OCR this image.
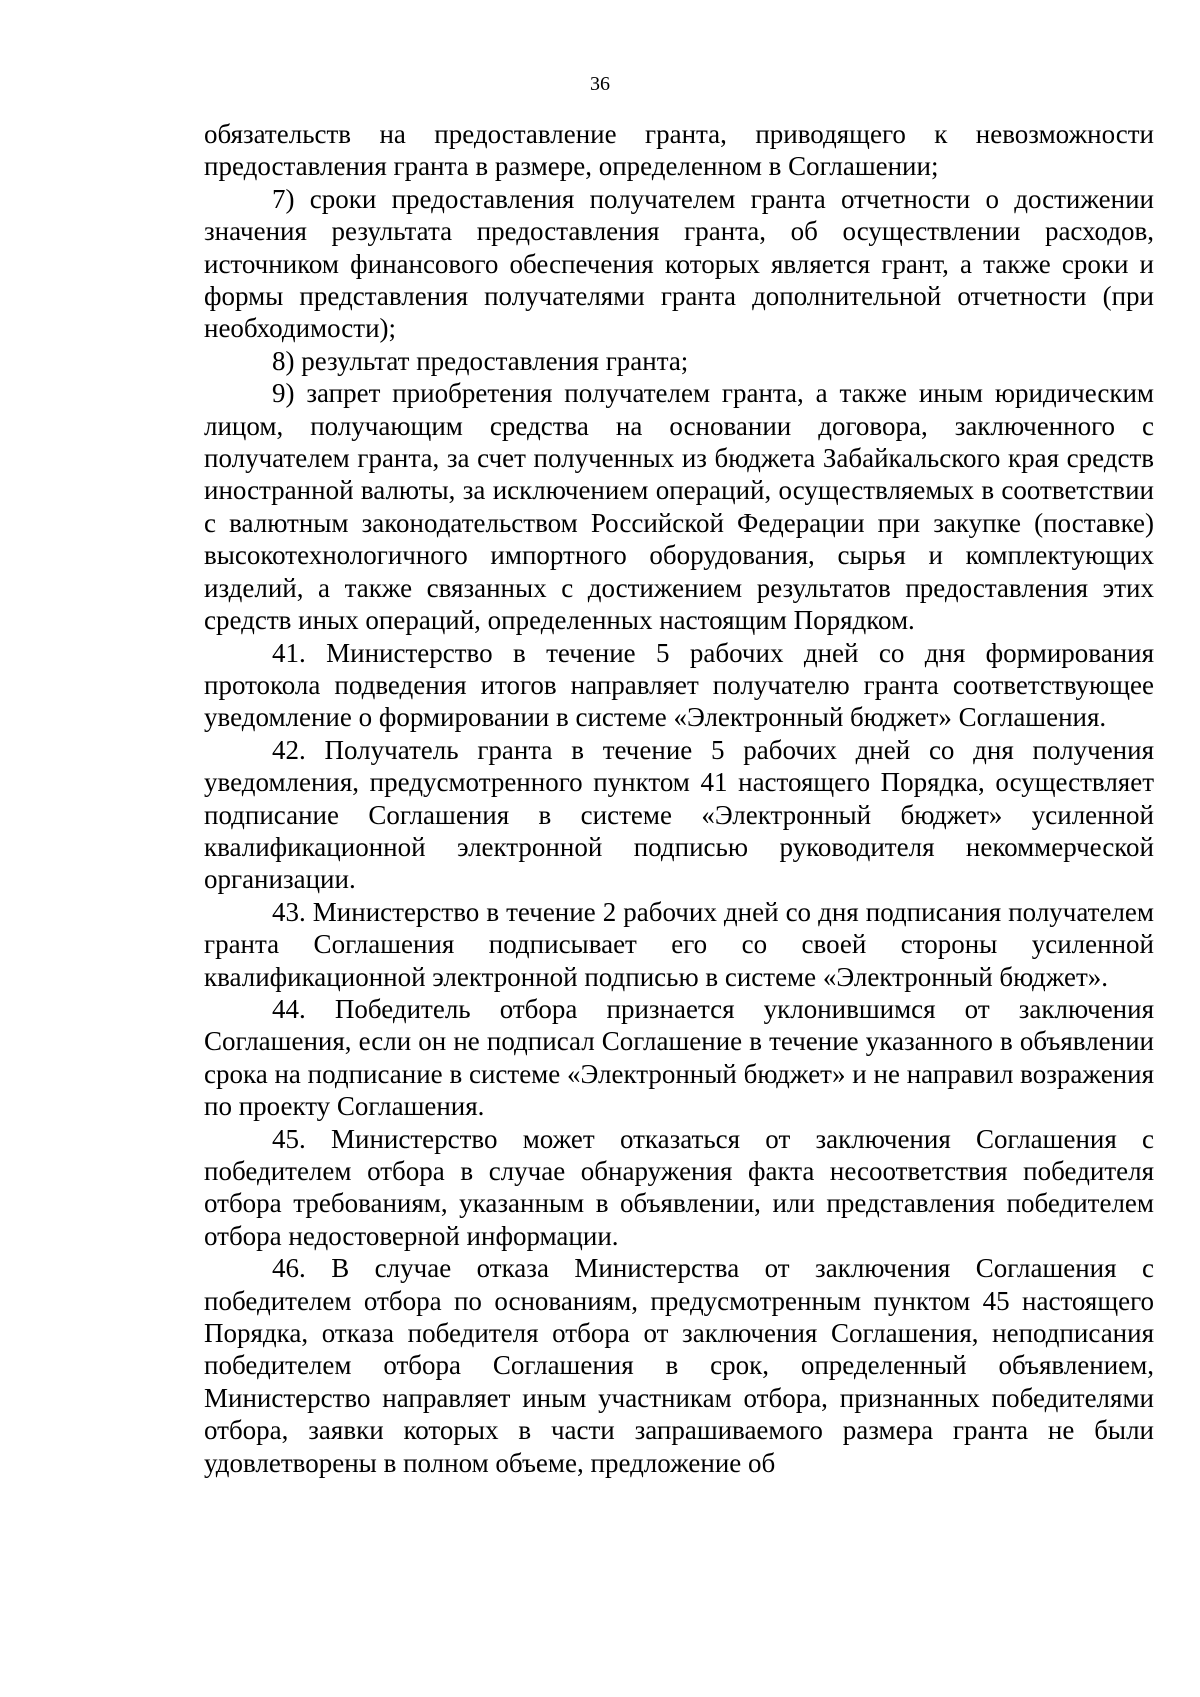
36

обязательств на предоставление гранта, приводящего к невозможности предоставления гранта в размере, определенном в Соглашении;

7) сроки предоставления получателем гранта отчетности о достижении значения результата предоставления гранта, об осуществлении расходов, источником финансового обеспечения которых является грант, а также сроки и формы представления получателями гранта дополнительной отчетности (при необходимости);

8) результат предоставления гранта;

9) запрет приобретения получателем гранта, а также иным юридическим лицом, получающим средства на основании договора, заключенного с получателем гранта, за счет полученных из бюджета Забайкальского края средств иностранной валюты, за исключением операций, осуществляемых в соответствии с валютным законодательством Российской Федерации при закупке (поставке) высокотехнологичного импортного оборудования, сырья и комплектующих изделий, а также связанных с достижением результатов предоставления этих средств иных операций, определенных настоящим Порядком.

41. Министерство в течение 5 рабочих дней со дня формирования протокола подведения итогов направляет получателю гранта соответствующее уведомление о формировании в системе «Электронный бюджет» Соглашения.

42. Получатель гранта в течение 5 рабочих дней со дня получения уведомления, предусмотренного пунктом 41 настоящего Порядка, осуществляет подписание Соглашения в системе «Электронный бюджет» усиленной квалификационной электронной подписью руководителя некоммерческой организации.

43. Министерство в течение 2 рабочих дней со дня подписания получателем гранта Соглашения подписывает его со своей стороны усиленной квалификационной электронной подписью в системе «Электронный бюджет».

44. Победитель отбора признается уклонившимся от заключения Соглашения, если он не подписал Соглашение в течение указанного в объявлении срока на подписание в системе «Электронный бюджет» и не направил возражения по проекту Соглашения.

45. Министерство может отказаться от заключения Соглашения с победителем отбора в случае обнаружения факта несоответствия победителя отбора требованиям, указанным в объявлении, или представления победителем отбора недостоверной информации.

46. В случае отказа Министерства от заключения Соглашения с победителем отбора по основаниям, предусмотренным пунктом 45 настоящего Порядка, отказа победителя отбора от заключения Соглашения, неподписания победителем отбора Соглашения в срок, определенный объявлением, Министерство направляет иным участникам отбора, признанных победителями отбора, заявки которых в части запрашиваемого размера гранта не были удовлетворены в полном объеме, предложение об
